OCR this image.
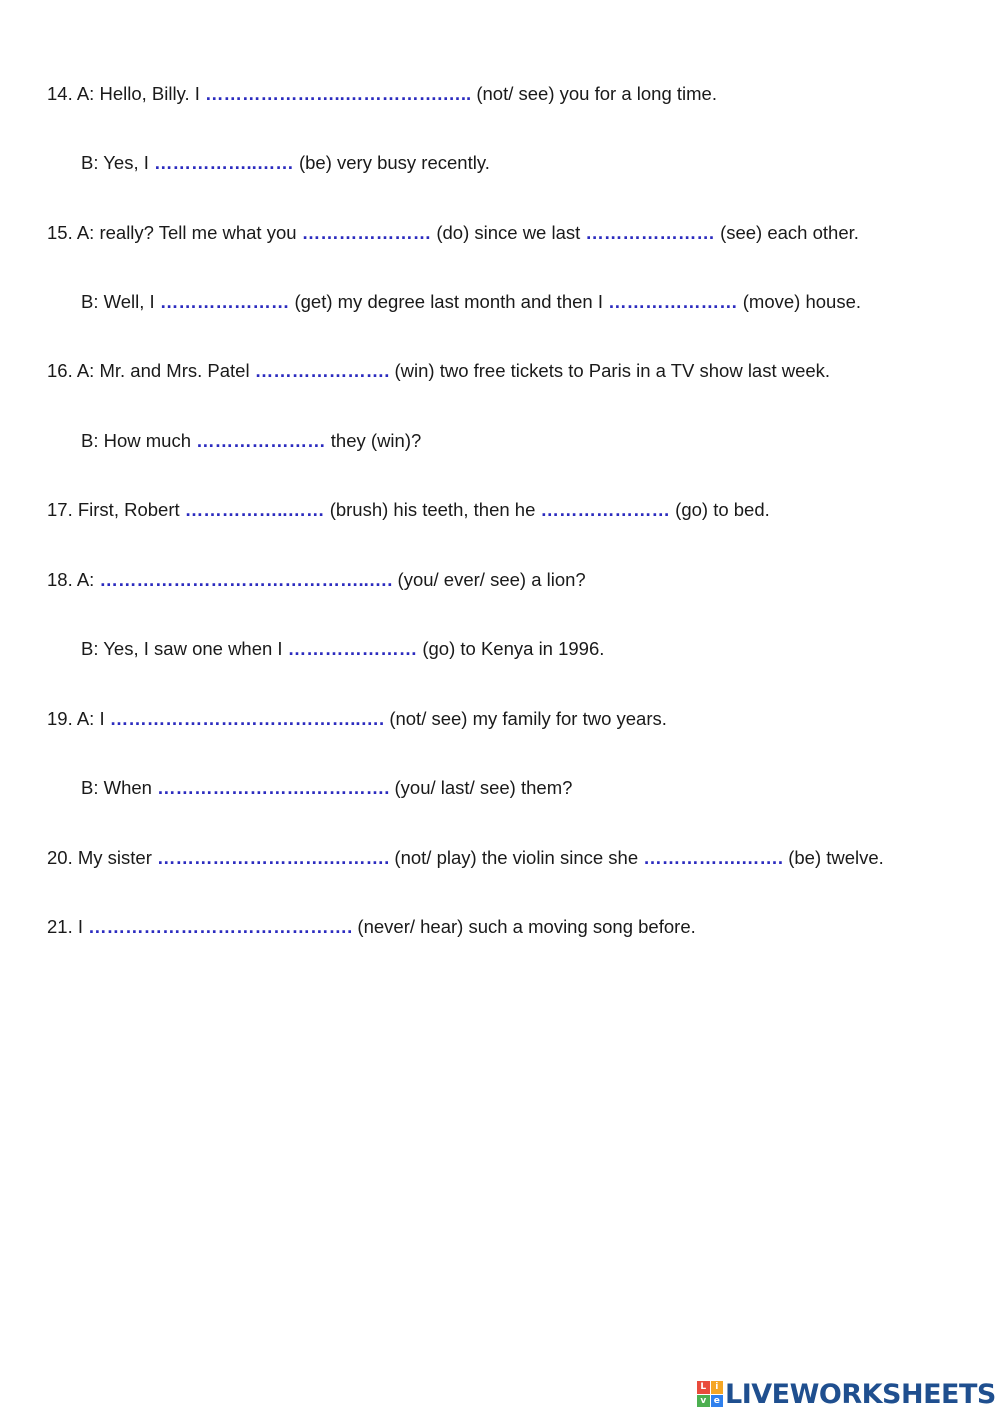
14. A: Hello, Billy. I …………………..…………….….. (not/ see) you for a long time.
B: Yes, I ……………..…… (be) very busy recently.
15. A: really? Tell me what you ………………… (do) since we last ………………… (see) each other.
B: Well, I ………………… (get) my degree last month and then I ………………… (move) house.
16. A: Mr. and Mrs. Patel …………………. (win) two free tickets to Paris in a TV show last week.
B: How much ………………… they (win)?
17. First, Robert ……………..…… (brush) his teeth, then he ………………… (go) to bed.
18. A: ……………………………………..…. (you/ ever/ see) a lion?
B: Yes, I saw one when I ………………… (go) to Kenya in 1996.
19. A: I …………………………………..…. (not/ see) my family for two years.
B: When …………………….…………. (you/ last/ see) them?
20. My sister ……………………….………. (not/ play) the violin since she …………….……. (be) twelve.
21. I ……………………………………. (never/ hear) such a moving song before.
L	i
v e LIVEWORKSHEETS
